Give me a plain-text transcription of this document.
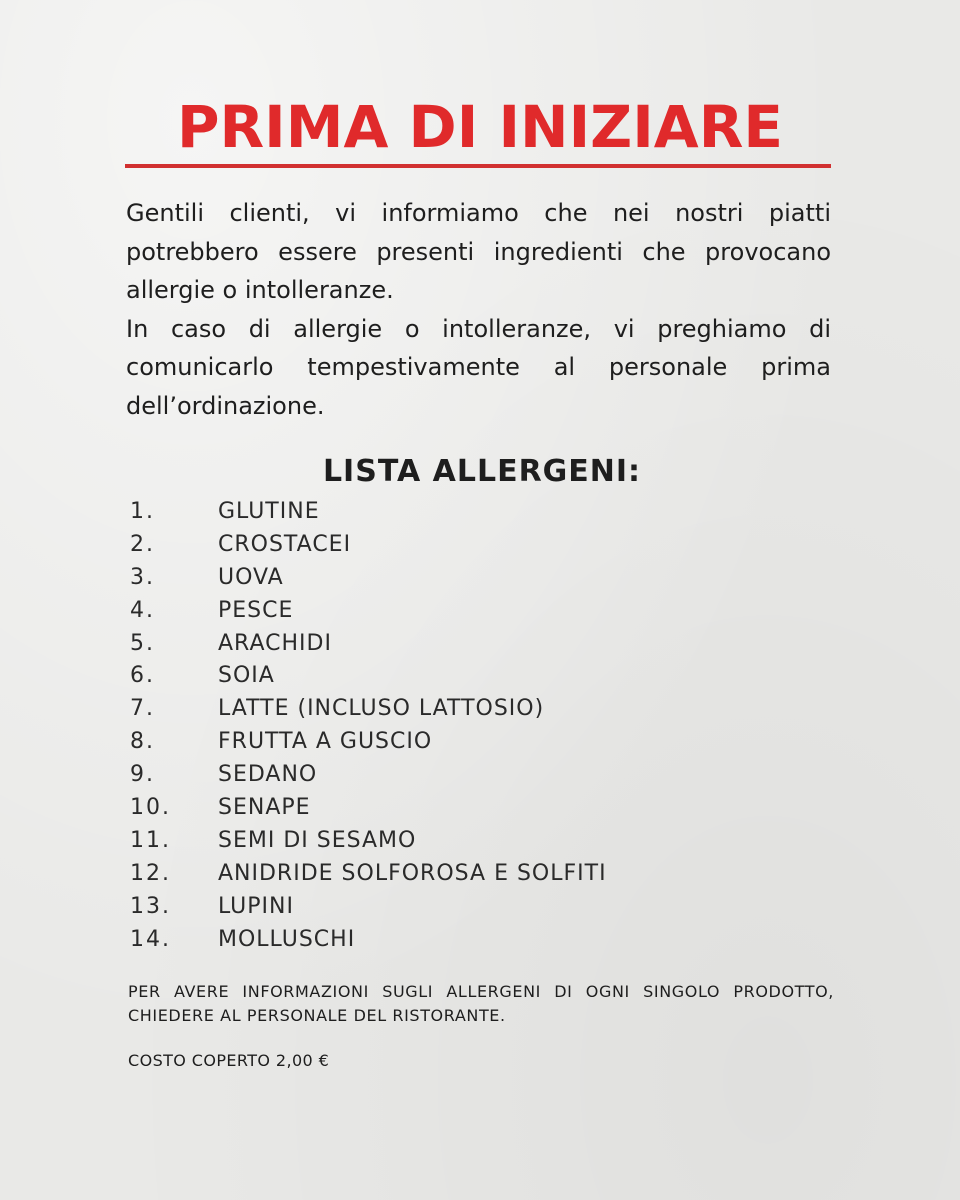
PRIMA DI INIZIARE

Gentili clienti, vi informiamo che nei nostri piatti potrebbero essere presenti ingredienti che provocano allergie o intolleranze.

In caso di allergie o intolleranze, vi preghiamo di comunicarlo tempestivamente al personale prima dell’ordinazione.

LISTA ALLERGENI:
1.	GLUTINE
2.	CROSTACEI
3.	UOVA
4.	PESCE
5.	ARACHIDI
6.	SOIA
7.	LATTE (INCLUSO LATTOSIO)
8.	FRUTTA A GUSCIO
9.	SEDANO
10. SENAPE
11. SEMI DI SESAMO
12. ANIDRIDE SOLFOROSA E SOLFITI
13. LUPINI
14. MOLLUSCHI

PER AVERE INFORMAZIONI SUGLI ALLERGENI DI OGNI SINGOLO PRODOTTO, CHIEDERE AL PERSONALE DEL RISTORANTE.

COSTO COPERTO 2,00 €
